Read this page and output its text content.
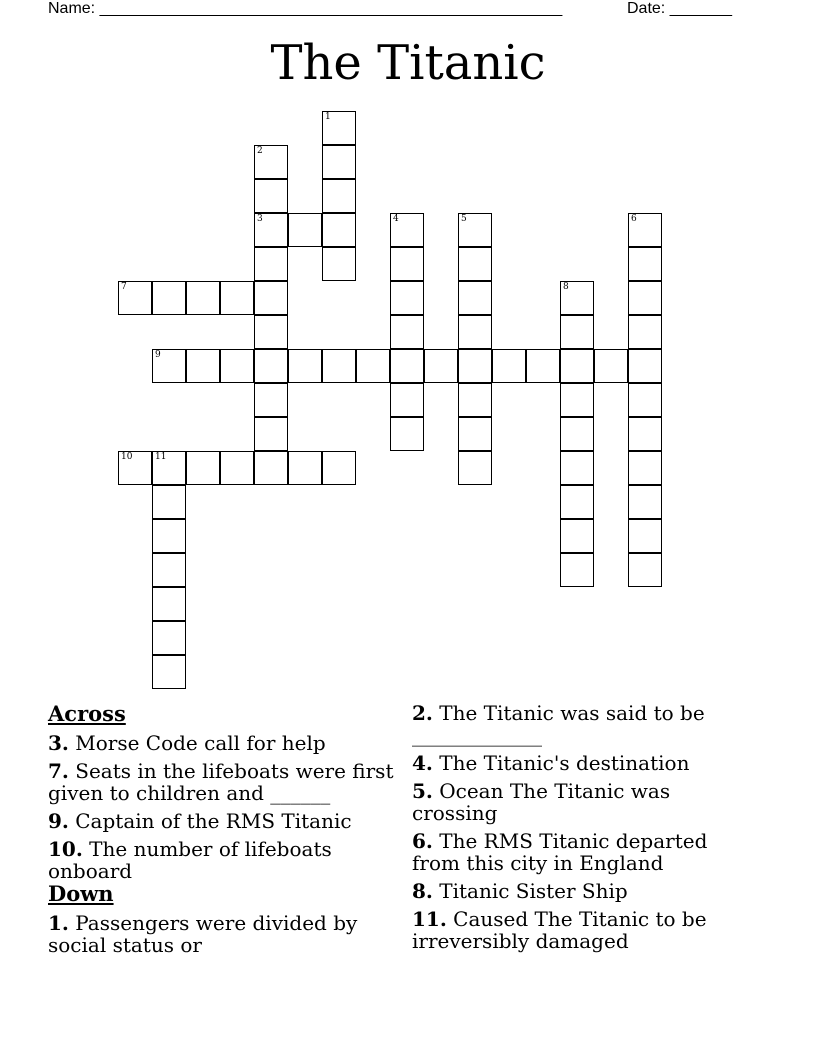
Name: ____________________________________________________	Date: _______
The Titanic
1
2
3	4	5	6
7	8
9
10	11
Across
3. Morse Code call for help
7. Seats in the lifeboats were first given to children and ______
9. Captain of the RMS Titanic
10. The number of lifeboats onboard
Down
1. Passengers were divided by social status or
2. The Titanic was said to be _____________
4. The Titanic's destination
5. Ocean The Titanic was crossing
6. The RMS Titanic departed from this city in England
8. Titanic Sister Ship
11. Caused The Titanic to be irreversibly damaged
